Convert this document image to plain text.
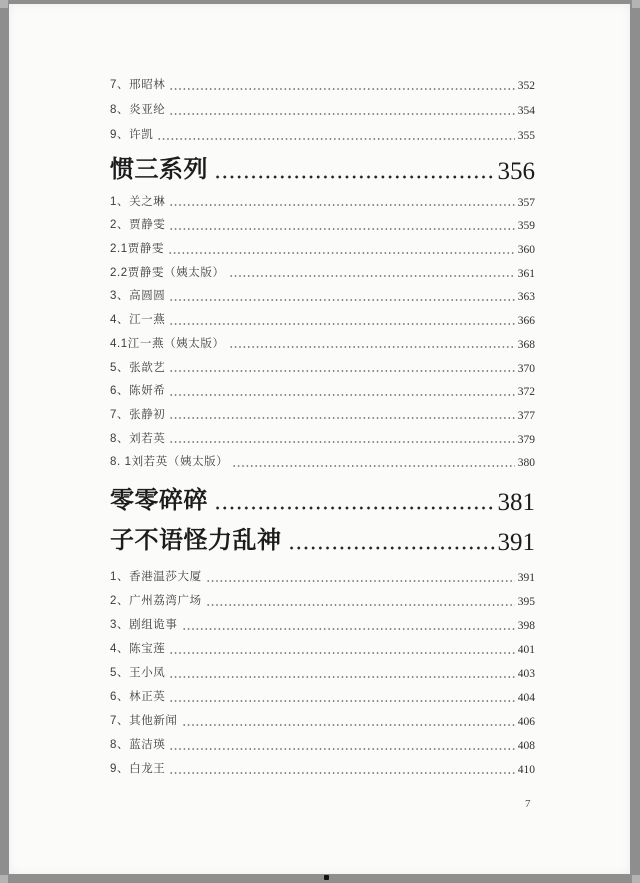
7、邢昭林	352
8、炎亚纶	354
9、许凯	355
惯三系列	356
1、关之琳	357
2、贾静雯	359
2.1贾静雯	360
2.2贾静雯（姨太版）	361
3、高圆圆	363
4、江一燕	366
4.1江一燕（姨太版）	368
5、张歆艺	370
6、陈妍希	372
7、张静初	377
8、刘若英	379
8. 1刘若英（姨太版）	380
零零碎碎	381
子不语怪力乱神	391
1、香港温莎大厦	391
2、广州荔湾广场	395
3、剧组诡事	398
4、陈宝莲	401
5、王小凤	403
6、林正英	404
7、其他新闻	406
8、蓝洁瑛	408
9、白龙王	410
7
